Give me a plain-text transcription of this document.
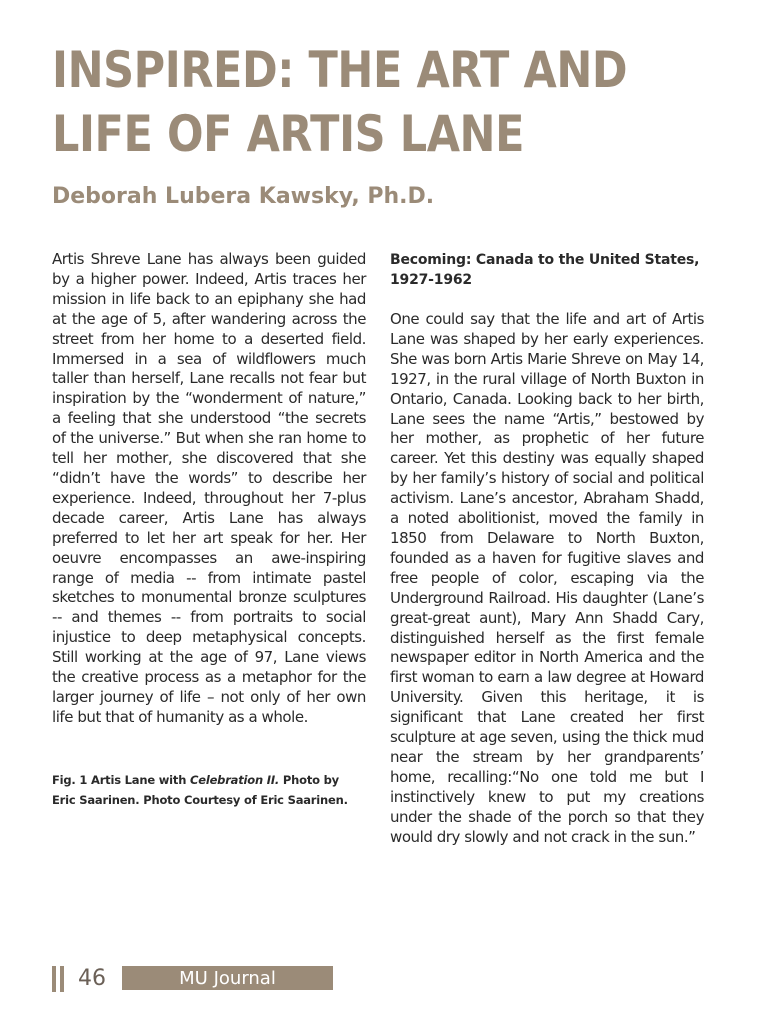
INSPIRED: THE ART AND
LIFE OF ARTIS LANE
Deborah Lubera Kawsky, Ph.D.

Artis Shreve Lane has always been guided by a higher power. Indeed, Artis traces her mission in life back to an epiphany she had at the age of 5, after wandering across the street from her home to a deserted field. Immersed in a sea of wildflowers much taller than herself, Lane recalls not fear but inspiration by the “wonderment of nature,” a feeling that she understood “the secrets of the universe.” But when she ran home to tell her mother, she discovered that she “didn’t have the words” to describe her experience. Indeed, throughout her 7-plus decade career, Artis Lane has always preferred to let her art speak for her. Her oeuvre encompasses an awe-inspiring range of media -- from intimate pastel sketches to monumental bronze sculptures -- and themes -- from portraits to social injustice to deep metaphysical concepts. Still working at the age of 97, Lane views the creative process as a metaphor for the larger journey of life – not only of her own life but that of humanity as a whole.

Fig. 1 Artis Lane with Celebration II. Photo by Eric Saarinen. Photo Courtesy of Eric Saarinen.

Becoming: Canada to the United States, 1927-1962

One could say that the life and art of Artis Lane was shaped by her early experiences. She was born Artis Marie Shreve on May 14, 1927, in the rural village of North Buxton in Ontario, Canada. Looking back to her birth, Lane sees the name “Artis,” bestowed by her mother, as prophetic of her future career. Yet this destiny was equally shaped by her family’s history of social and political activism. Lane’s ancestor, Abraham Shadd, a noted abolitionist, moved the family in 1850 from Delaware to North Buxton, founded as a haven for fugitive slaves and free people of color, escaping via the Underground Railroad. His daughter (Lane’s great-great aunt), Mary Ann Shadd Cary, distinguished herself as the first female newspaper editor in North America and the first woman to earn a law degree at Howard University. Given this heritage, it is significant that Lane created her first sculpture at age seven, using the thick mud near the stream by her grandparents’ home, recalling:“No one told me but I instinctively knew to put my creations under the shade of the porch so that they would dry slowly and not crack in the sun.”

46	MU Journal
